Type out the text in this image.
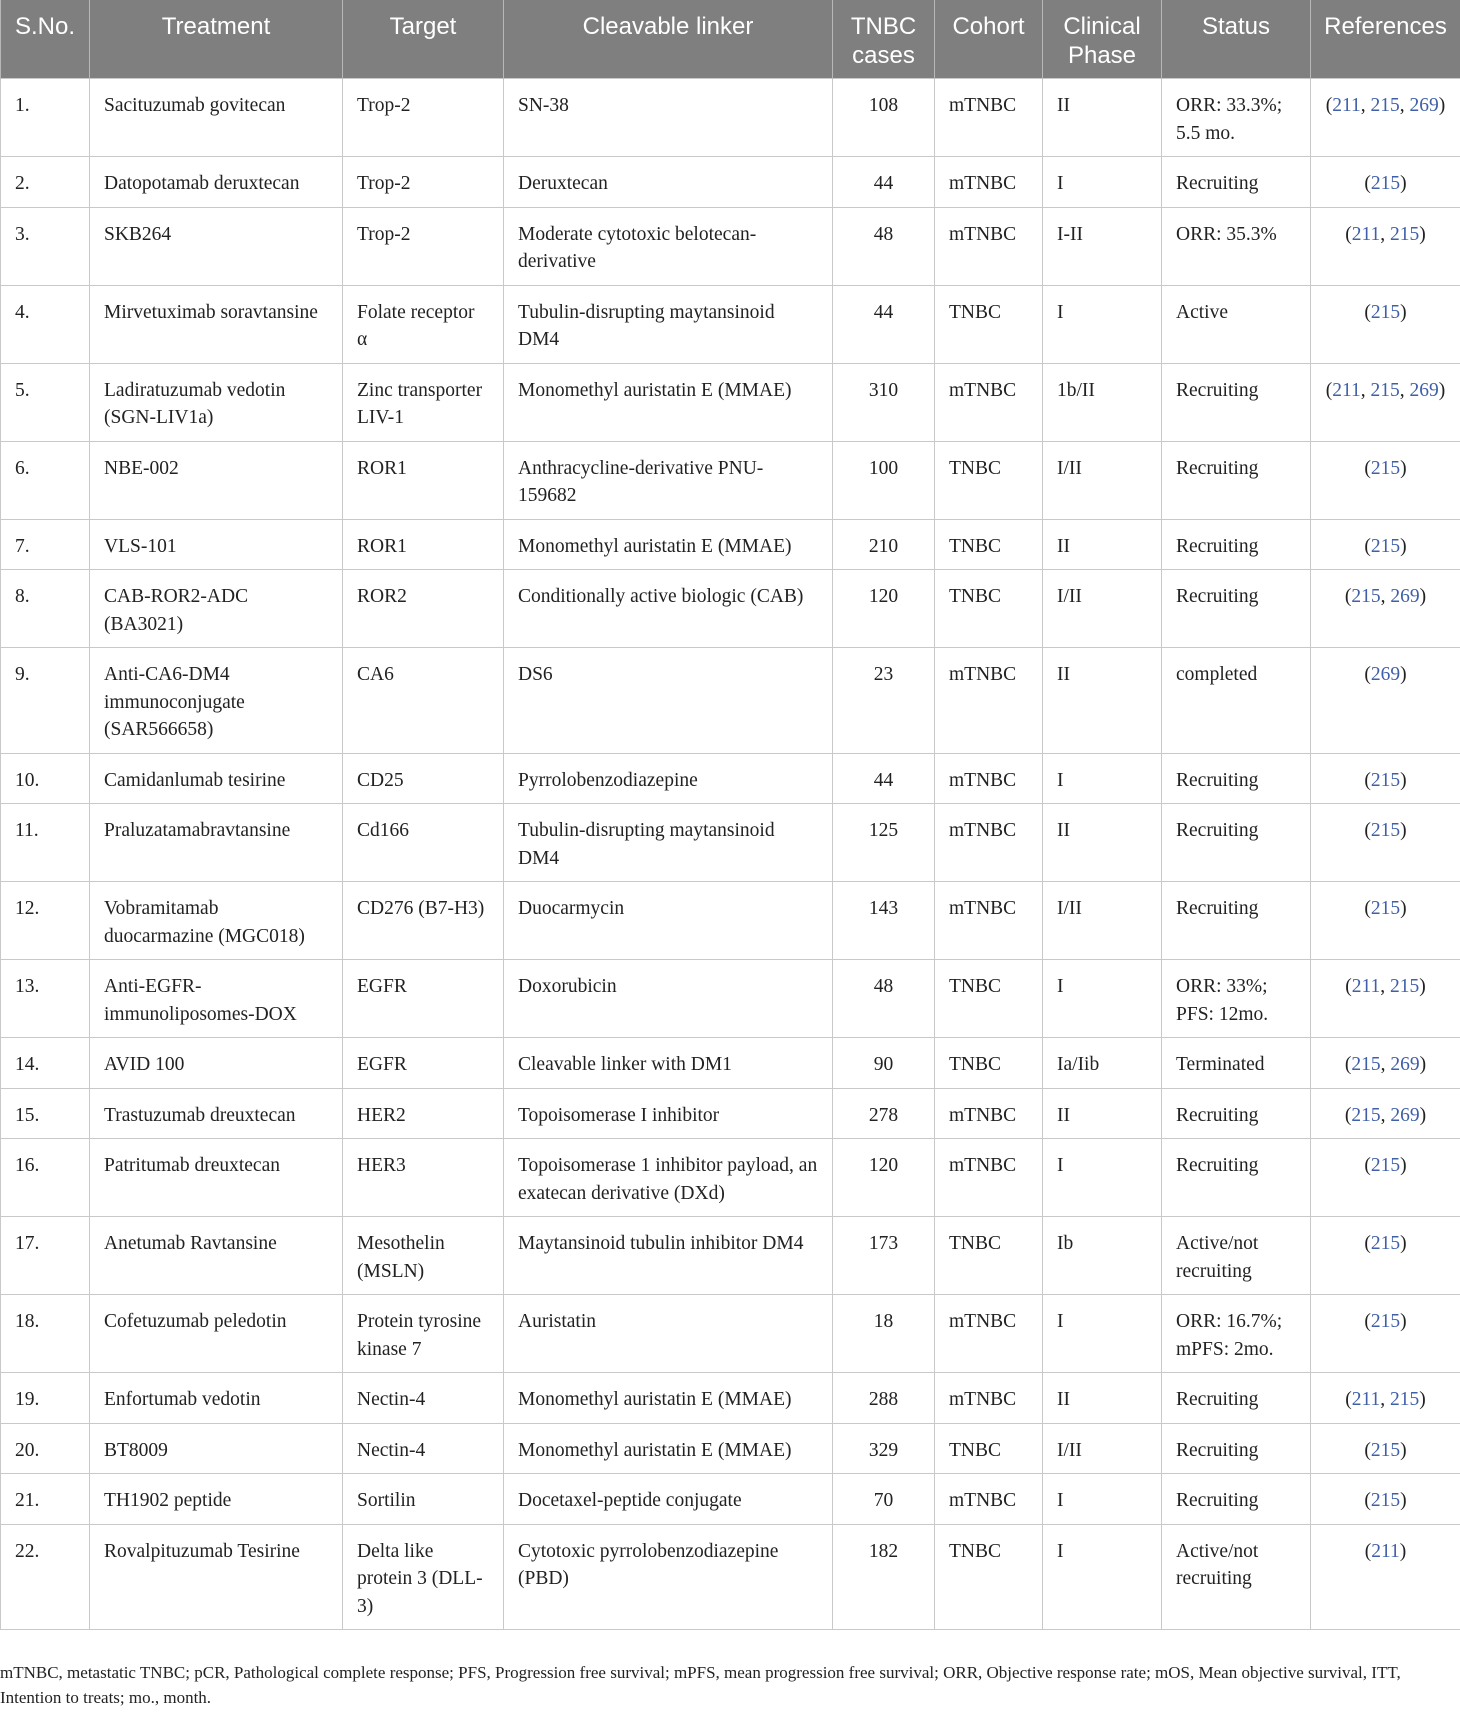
S.No.	Treatment	Target	Cleavable linker	TNBC cases	Cohort	Clinical Phase	Status	References
1.	Sacituzumab govitecan	Trop-2	SN-38	108	mTNBC	II	ORR: 33.3%; 5.5 mo.	(211, 215, 269)
2.	Datopotamab deruxtecan	Trop-2	Deruxtecan	44	mTNBC	I	Recruiting	(215)
3.	SKB264	Trop-2	Moderate cytotoxic belotecan-derivative	48	mTNBC	I-II	ORR: 35.3%	(211, 215)
4.	Mirvetuximab soravtansine	Folate receptor α	Tubulin-disrupting maytansinoid DM4	44	TNBC	I	Active	(215)
5.	Ladiratuzumab vedotin (SGN-LIV1a)	Zinc transporter LIV-1	Monomethyl auristatin E (MMAE)	310	mTNBC	1b/II	Recruiting	(211, 215, 269)
6.	NBE-002	ROR1	Anthracycline-derivative PNU-159682	100	TNBC	I/II	Recruiting	(215)
7.	VLS-101	ROR1	Monomethyl auristatin E (MMAE)	210	TNBC	II	Recruiting	(215)
8.	CAB-ROR2-ADC (BA3021)	ROR2	Conditionally active biologic (CAB)	120	TNBC	I/II	Recruiting	(215, 269)
9.	Anti-CA6-DM4 immunoconjugate (SAR566658)	CA6	DS6	23	mTNBC	II	completed	(269)
10.	Camidanlumab tesirine	CD25	Pyrrolobenzodiazepine	44	mTNBC	I	Recruiting	(215)
11.	Praluzatamabravtansine	Cd166	Tubulin-disrupting maytansinoid DM4	125	mTNBC	II	Recruiting	(215)
12.	Vobramitamab duocarmazine (MGC018)	CD276 (B7-H3)	Duocarmycin	143	mTNBC	I/II	Recruiting	(215)
13.	Anti-EGFR-immunoliposomes-DOX	EGFR	Doxorubicin	48	TNBC	I	ORR: 33%; PFS: 12mo.	(211, 215)
14.	AVID 100	EGFR	Cleavable linker with DM1	90	TNBC	Ia/Iib	Terminated	(215, 269)
15.	Trastuzumab dreuxtecan	HER2	Topoisomerase I inhibitor	278	mTNBC	II	Recruiting	(215, 269)
16.	Patritumab dreuxtecan	HER3	Topoisomerase 1 inhibitor payload, an exatecan derivative (DXd)	120	mTNBC	I	Recruiting	(215)
17.	Anetumab Ravtansine	Mesothelin (MSLN)	Maytansinoid tubulin inhibitor DM4	173	TNBC	Ib	Active/not recruiting	(215)
18.	Cofetuzumab peledotin	Protein tyrosine kinase 7	Auristatin	18	mTNBC	I	ORR: 16.7%; mPFS: 2mo.	(215)
19.	Enfortumab vedotin	Nectin-4	Monomethyl auristatin E (MMAE)	288	mTNBC	II	Recruiting	(211, 215)
20.	BT8009	Nectin-4	Monomethyl auristatin E (MMAE)	329	TNBC	I/II	Recruiting	(215)
21.	TH1902 peptide	Sortilin	Docetaxel-peptide conjugate	70	mTNBC	I	Recruiting	(215)
22.	Rovalpituzumab Tesirine	Delta like protein 3 (DLL-3)	Cytotoxic pyrrolobenzodiazepine (PBD)	182	TNBC	I	Active/not recruiting	(211)
mTNBC, metastatic TNBC; pCR, Pathological complete response; PFS, Progression free survival; mPFS, mean progression free survival; ORR, Objective response rate; mOS, Mean objective survival, ITT, Intention to treats; mo., month.
